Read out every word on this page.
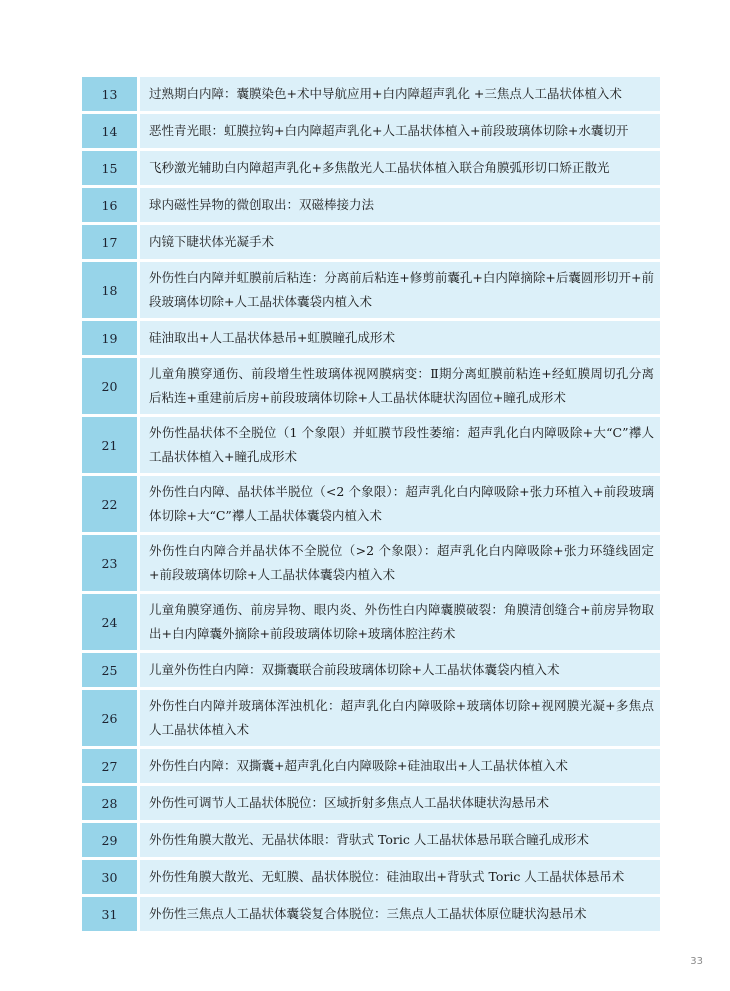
13	过熟期白内障：囊膜染色+术中导航应用+白内障超声乳化 +三焦点人工晶状体植入术
14	恶性青光眼：虹膜拉钩+白内障超声乳化+人工晶状体植入+前段玻璃体切除+水囊切开
15	飞秒激光辅助白内障超声乳化+多焦散光人工晶状体植入联合角膜弧形切口矫正散光
16	球内磁性异物的微创取出：双磁棒接力法
17	内镜下睫状体光凝手术
18	外伤性白内障并虹膜前后粘连：分离前后粘连+修剪前囊孔+白内障摘除+后囊圆形切开+前段玻璃体切除+人工晶状体囊袋内植入术
19	硅油取出+人工晶状体悬吊+虹膜瞳孔成形术
20	儿童角膜穿通伤、前段增生性玻璃体视网膜病变：Ⅱ期分离虹膜前粘连+经虹膜周切孔分离后粘连+重建前后房+前段玻璃体切除+人工晶状体睫状沟固位+瞳孔成形术
21	外伤性晶状体不全脱位（1 个象限）并虹膜节段性萎缩：超声乳化白内障吸除+大“C”襻人工晶状体植入+瞳孔成形术
22	外伤性白内障、晶状体半脱位（<2 个象限）：超声乳化白内障吸除+张力环植入+前段玻璃体切除+大“C”襻人工晶状体囊袋内植入术
23	外伤性白内障合并晶状体不全脱位（>2 个象限）：超声乳化白内障吸除+张力环缝线固定+前段玻璃体切除+人工晶状体囊袋内植入术
24	儿童角膜穿通伤、前房异物、眼内炎、外伤性白内障囊膜破裂：角膜清创缝合+前房异物取出+白内障囊外摘除+前段玻璃体切除+玻璃体腔注药术
25	儿童外伤性白内障：双撕囊联合前段玻璃体切除+人工晶状体囊袋内植入术
26	外伤性白内障并玻璃体浑浊机化：超声乳化白内障吸除+玻璃体切除+视网膜光凝+多焦点人工晶状体植入术
27	外伤性白内障：双撕囊+超声乳化白内障吸除+硅油取出+人工晶状体植入术
28	外伤性可调节人工晶状体脱位：区域折射多焦点人工晶状体睫状沟悬吊术
29	外伤性角膜大散光、无晶状体眼：背驮式 Toric 人工晶状体悬吊联合瞳孔成形术
30	外伤性角膜大散光、无虹膜、晶状体脱位：硅油取出+背驮式 Toric 人工晶状体悬吊术
31	外伤性三焦点人工晶状体囊袋复合体脱位：三焦点人工晶状体原位睫状沟悬吊术
33
